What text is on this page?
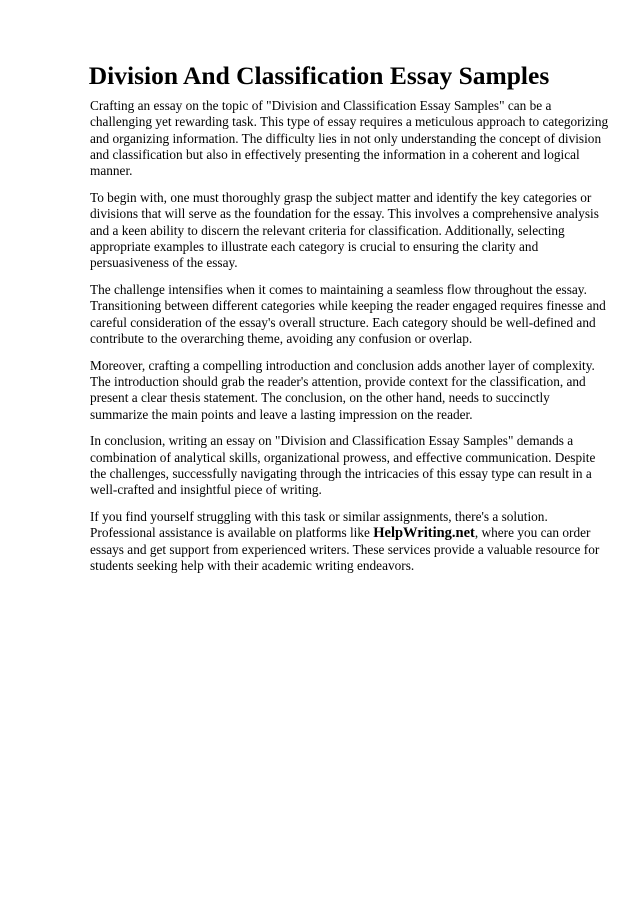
Division And Classification Essay Samples

Crafting an essay on the topic of "Division and Classification Essay Samples" can be a
challenging yet rewarding task. This type of essay requires a meticulous approach to categorizing
and organizing information. The difficulty lies in not only understanding the concept of division
and classification but also in effectively presenting the information in a coherent and logical
manner.

To begin with, one must thoroughly grasp the subject matter and identify the key categories or
divisions that will serve as the foundation for the essay. This involves a comprehensive analysis
and a keen ability to discern the relevant criteria for classification. Additionally, selecting
appropriate examples to illustrate each category is crucial to ensuring the clarity and
persuasiveness of the essay.

The challenge intensifies when it comes to maintaining a seamless flow throughout the essay.
Transitioning between different categories while keeping the reader engaged requires finesse and
careful consideration of the essay's overall structure. Each category should be well-defined and
contribute to the overarching theme, avoiding any confusion or overlap.

Moreover, crafting a compelling introduction and conclusion adds another layer of complexity.
The introduction should grab the reader's attention, provide context for the classification, and
present a clear thesis statement. The conclusion, on the other hand, needs to succinctly
summarize the main points and leave a lasting impression on the reader.

In conclusion, writing an essay on "Division and Classification Essay Samples" demands a
combination of analytical skills, organizational prowess, and effective communication. Despite
the challenges, successfully navigating through the intricacies of this essay type can result in a
well-crafted and insightful piece of writing.

If you find yourself struggling with this task or similar assignments, there's a solution.
Professional assistance is available on platforms like HelpWriting.net, where you can order
essays and get support from experienced writers. These services provide a valuable resource for
students seeking help with their academic writing endeavors.
